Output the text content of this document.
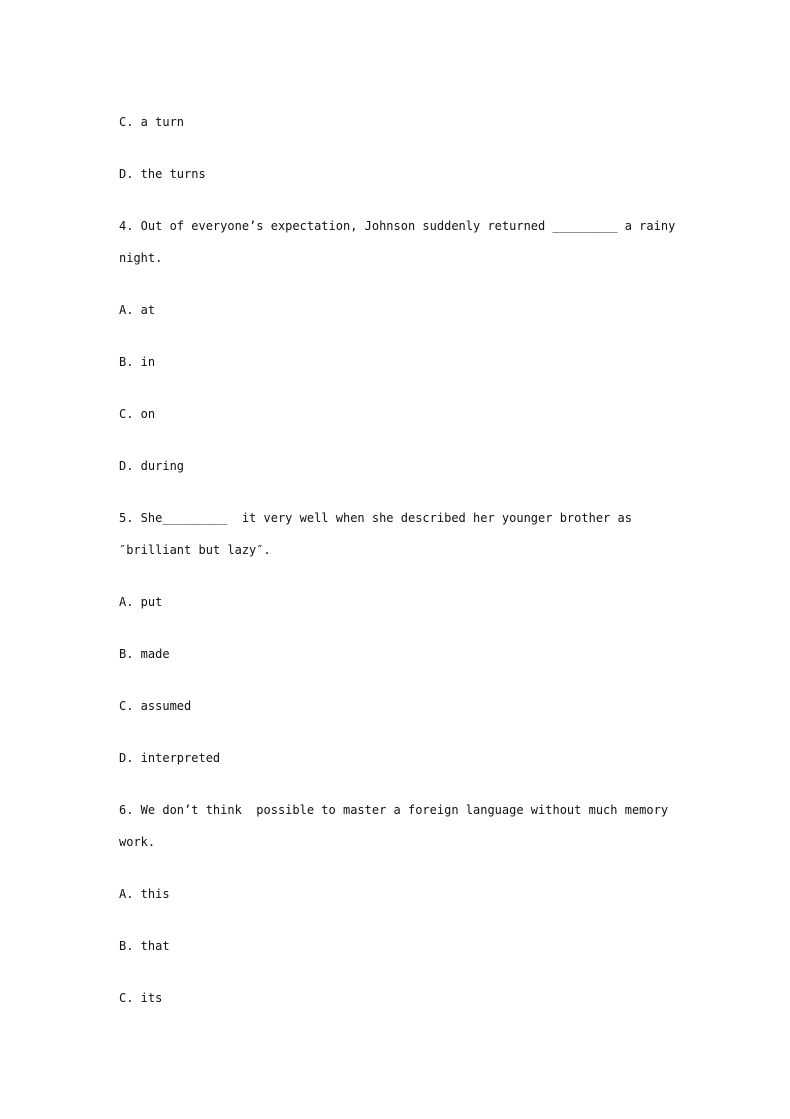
C. a turn
D. the turns
4. Out of everyone’s expectation, Johnson suddenly returned _________ a rainy
night.
A. at
B. in
C. on
D. during
5. She_________  it very well when she described her younger brother as
″brilliant but lazy″.
A. put
B. made
C. assumed
D. interpreted
6. We don’t think  possible to master a foreign language without much memory
work.
A. this
B. that
C. its
